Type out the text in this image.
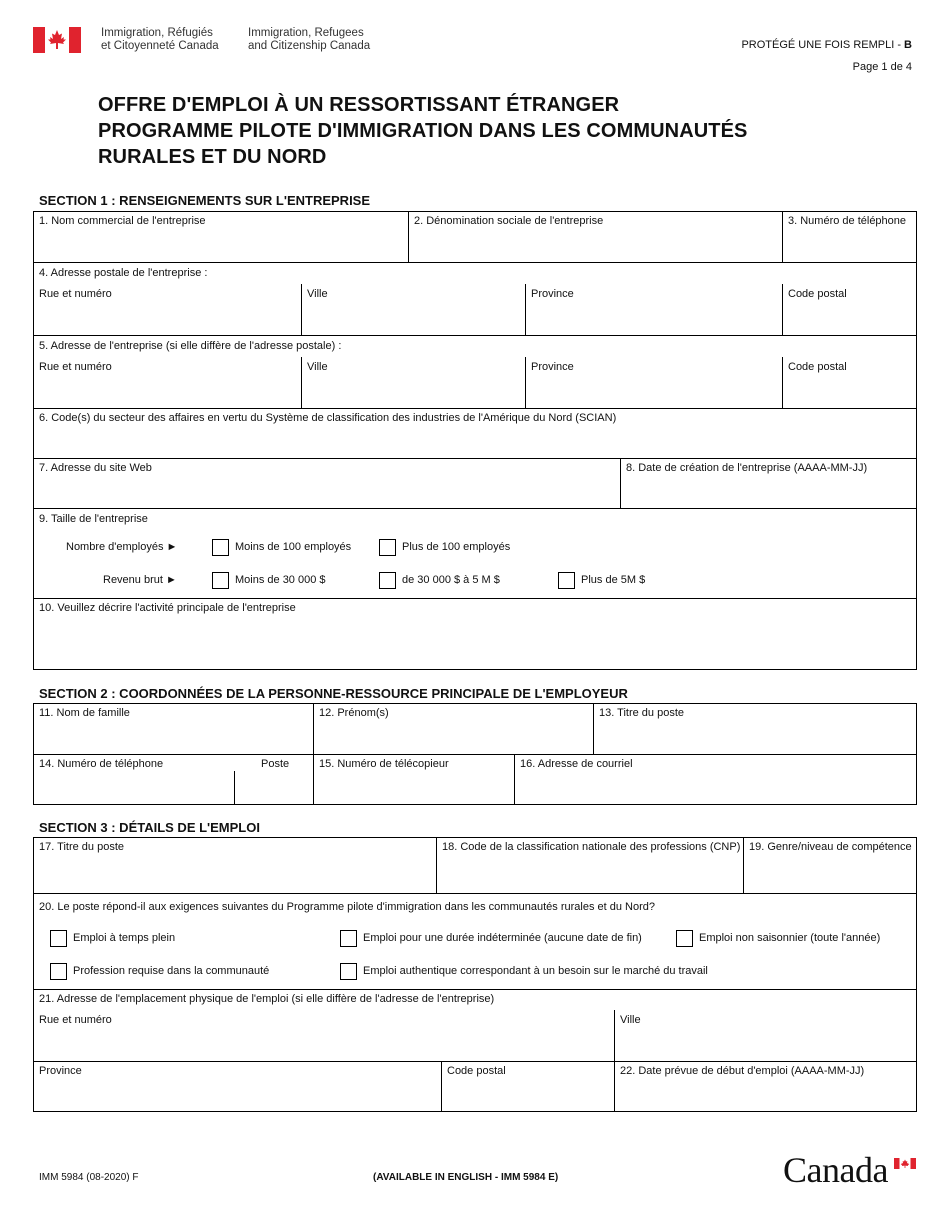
Immigration, Réfugiés
et Citoyenneté Canada
Immigration, Refugees
and Citizenship Canada	PROTÉGÉ UNE FOIS REMPLI - B
Page 1 de 4
OFFRE D'EMPLOI À UN RESSORTISSANT ÉTRANGER
PROGRAMME PILOTE D'IMMIGRATION DANS LES COMMUNAUTÉS
RURALES ET DU NORD
SECTION 1 : RENSEIGNEMENTS SUR L'ENTREPRISE
1. Nom commercial de l'entreprise	2. Dénomination sociale de l'entreprise	3. Numéro de téléphone
4. Adresse postale de l'entreprise :
Rue et numéro	Ville	Province	Code postal
5. Adresse de l'entreprise (si elle diffère de l'adresse postale) :
Rue et numéro	Ville	Province	Code postal
6. Code(s) du secteur des affaires en vertu du Système de classification des industries de l'Amérique du Nord (SCIAN)
7. Adresse du site Web	8. Date de création de l'entreprise (AAAA-MM-JJ)
9. Taille de l'entreprise
Nombre d'employés ►	Moins de 100 employés	Plus de 100 employés
Revenu brut ►	Moins de 30 000 $	de 30 000 $ à 5 M $	Plus de 5M $
10. Veuillez décrire l'activité principale de l'entreprise
SECTION 2 : COORDONNÉES DE LA PERSONNE-RESSOURCE PRINCIPALE DE L'EMPLOYEUR
11. Nom de famille	12. Prénom(s)	13. Titre du poste
14. Numéro de téléphone	Poste	15. Numéro de télécopieur	16. Adresse de courriel
SECTION 3 : DÉTAILS DE L'EMPLOI
17. Titre du poste	18. Code de la classification nationale des professions (CNP) 19. Genre/niveau de compétence
20. Le poste répond-il aux exigences suivantes du Programme pilote d'immigration dans les communautés rurales et du Nord?
Emploi à temps plein	Emploi pour une durée indéterminée (aucune date de fin)	Emploi non saisonnier (toute l'année)
Profession requise dans la communauté	Emploi authentique correspondant à un besoin sur le marché du travail
21. Adresse de l'emplacement physique de l'emploi (si elle diffère de l'adresse de l'entreprise)
Rue et numéro	Ville
Province	Code postal	22. Date prévue de début d'emploi (AAAA-MM-JJ)
IMM 5984 (08-2020) F	(AVAILABLE IN ENGLISH - IMM 5984 E)	Canada
